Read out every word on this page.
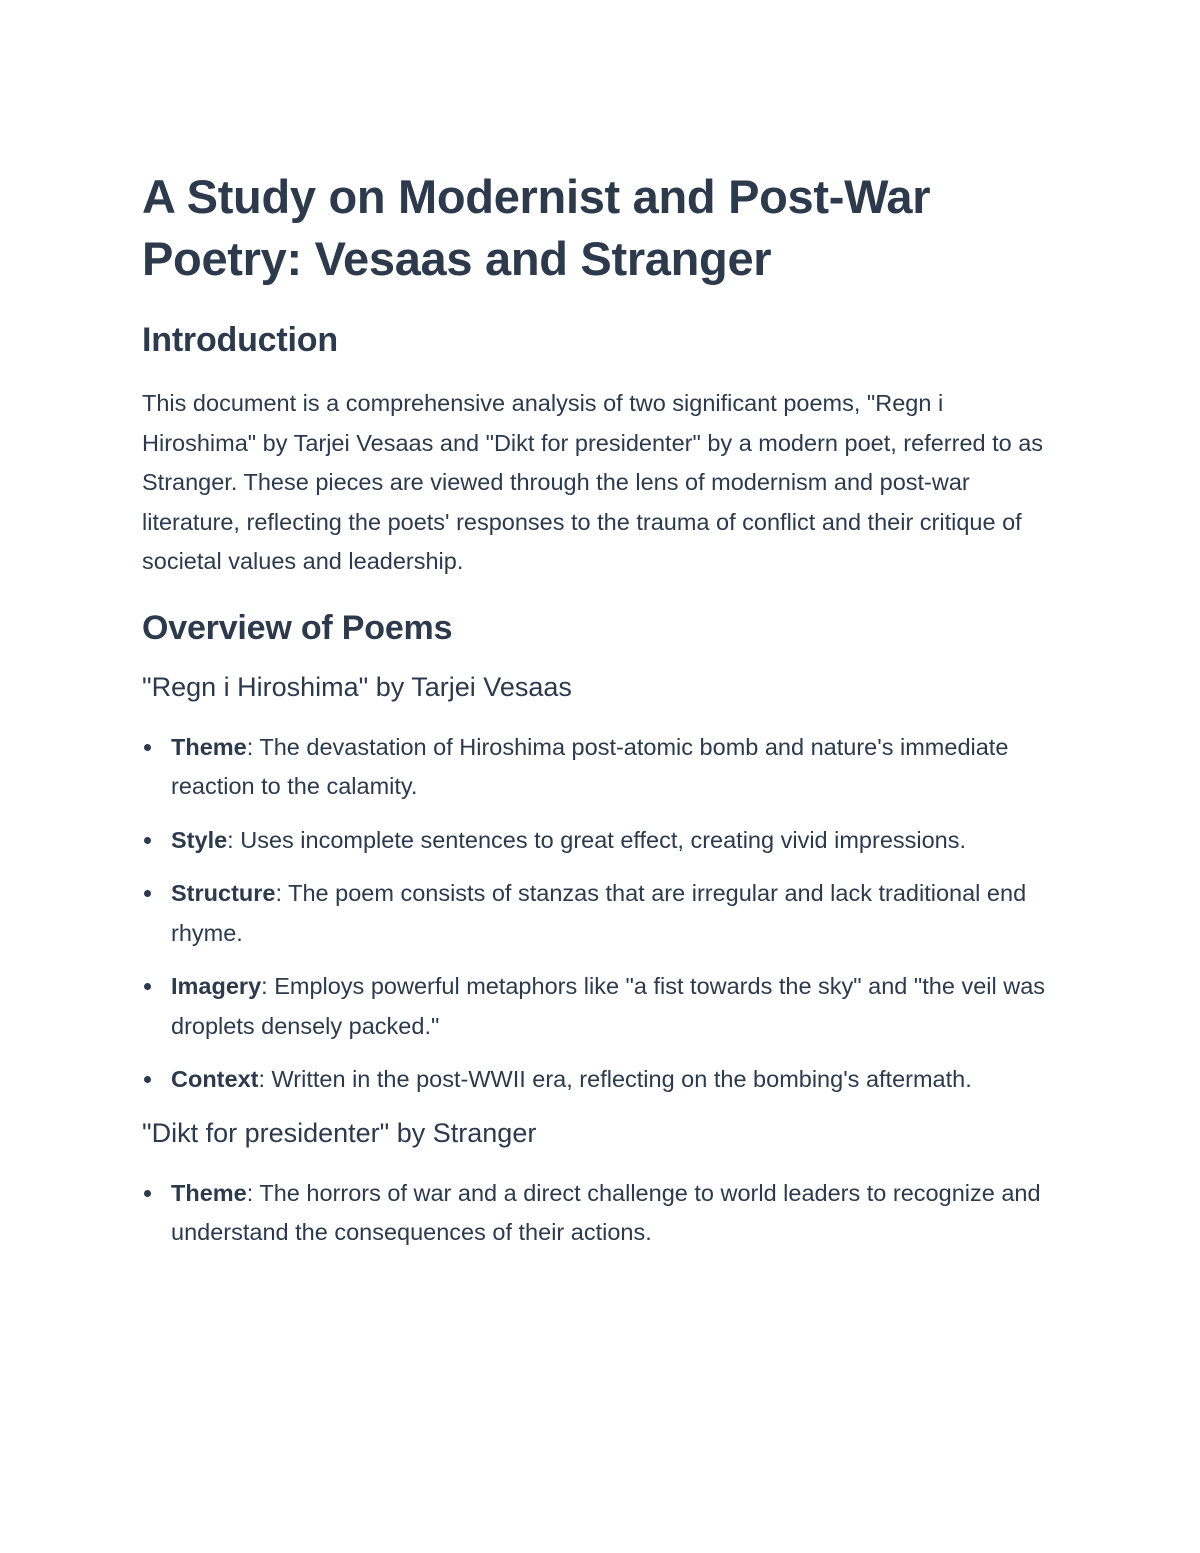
A Study on Modernist and Post-War Poetry: Vesaas and Stranger
Introduction

This document is a comprehensive analysis of two significant poems, "Regn i Hiroshima" by Tarjei Vesaas and "Dikt for presidenter" by a modern poet, referred to as Stranger. These pieces are viewed through the lens of modernism and post-war literature, reflecting the poets' responses to the trauma of conflict and their critique of societal values and leadership.

Overview of Poems
"Regn i Hiroshima" by Tarjei Vesaas
Theme: The devastation of Hiroshima post-atomic bomb and nature's immediate reaction to the calamity.
Style: Uses incomplete sentences to great effect, creating vivid impressions.
Structure: The poem consists of stanzas that are irregular and lack traditional end rhyme.
Imagery: Employs powerful metaphors like "a fist towards the sky" and "the veil was droplets densely packed."
Context: Written in the post-WWII era, reflecting on the bombing's aftermath.
"Dikt for presidenter" by Stranger
Theme: The horrors of war and a direct challenge to world leaders to recognize and understand the consequences of their actions.
